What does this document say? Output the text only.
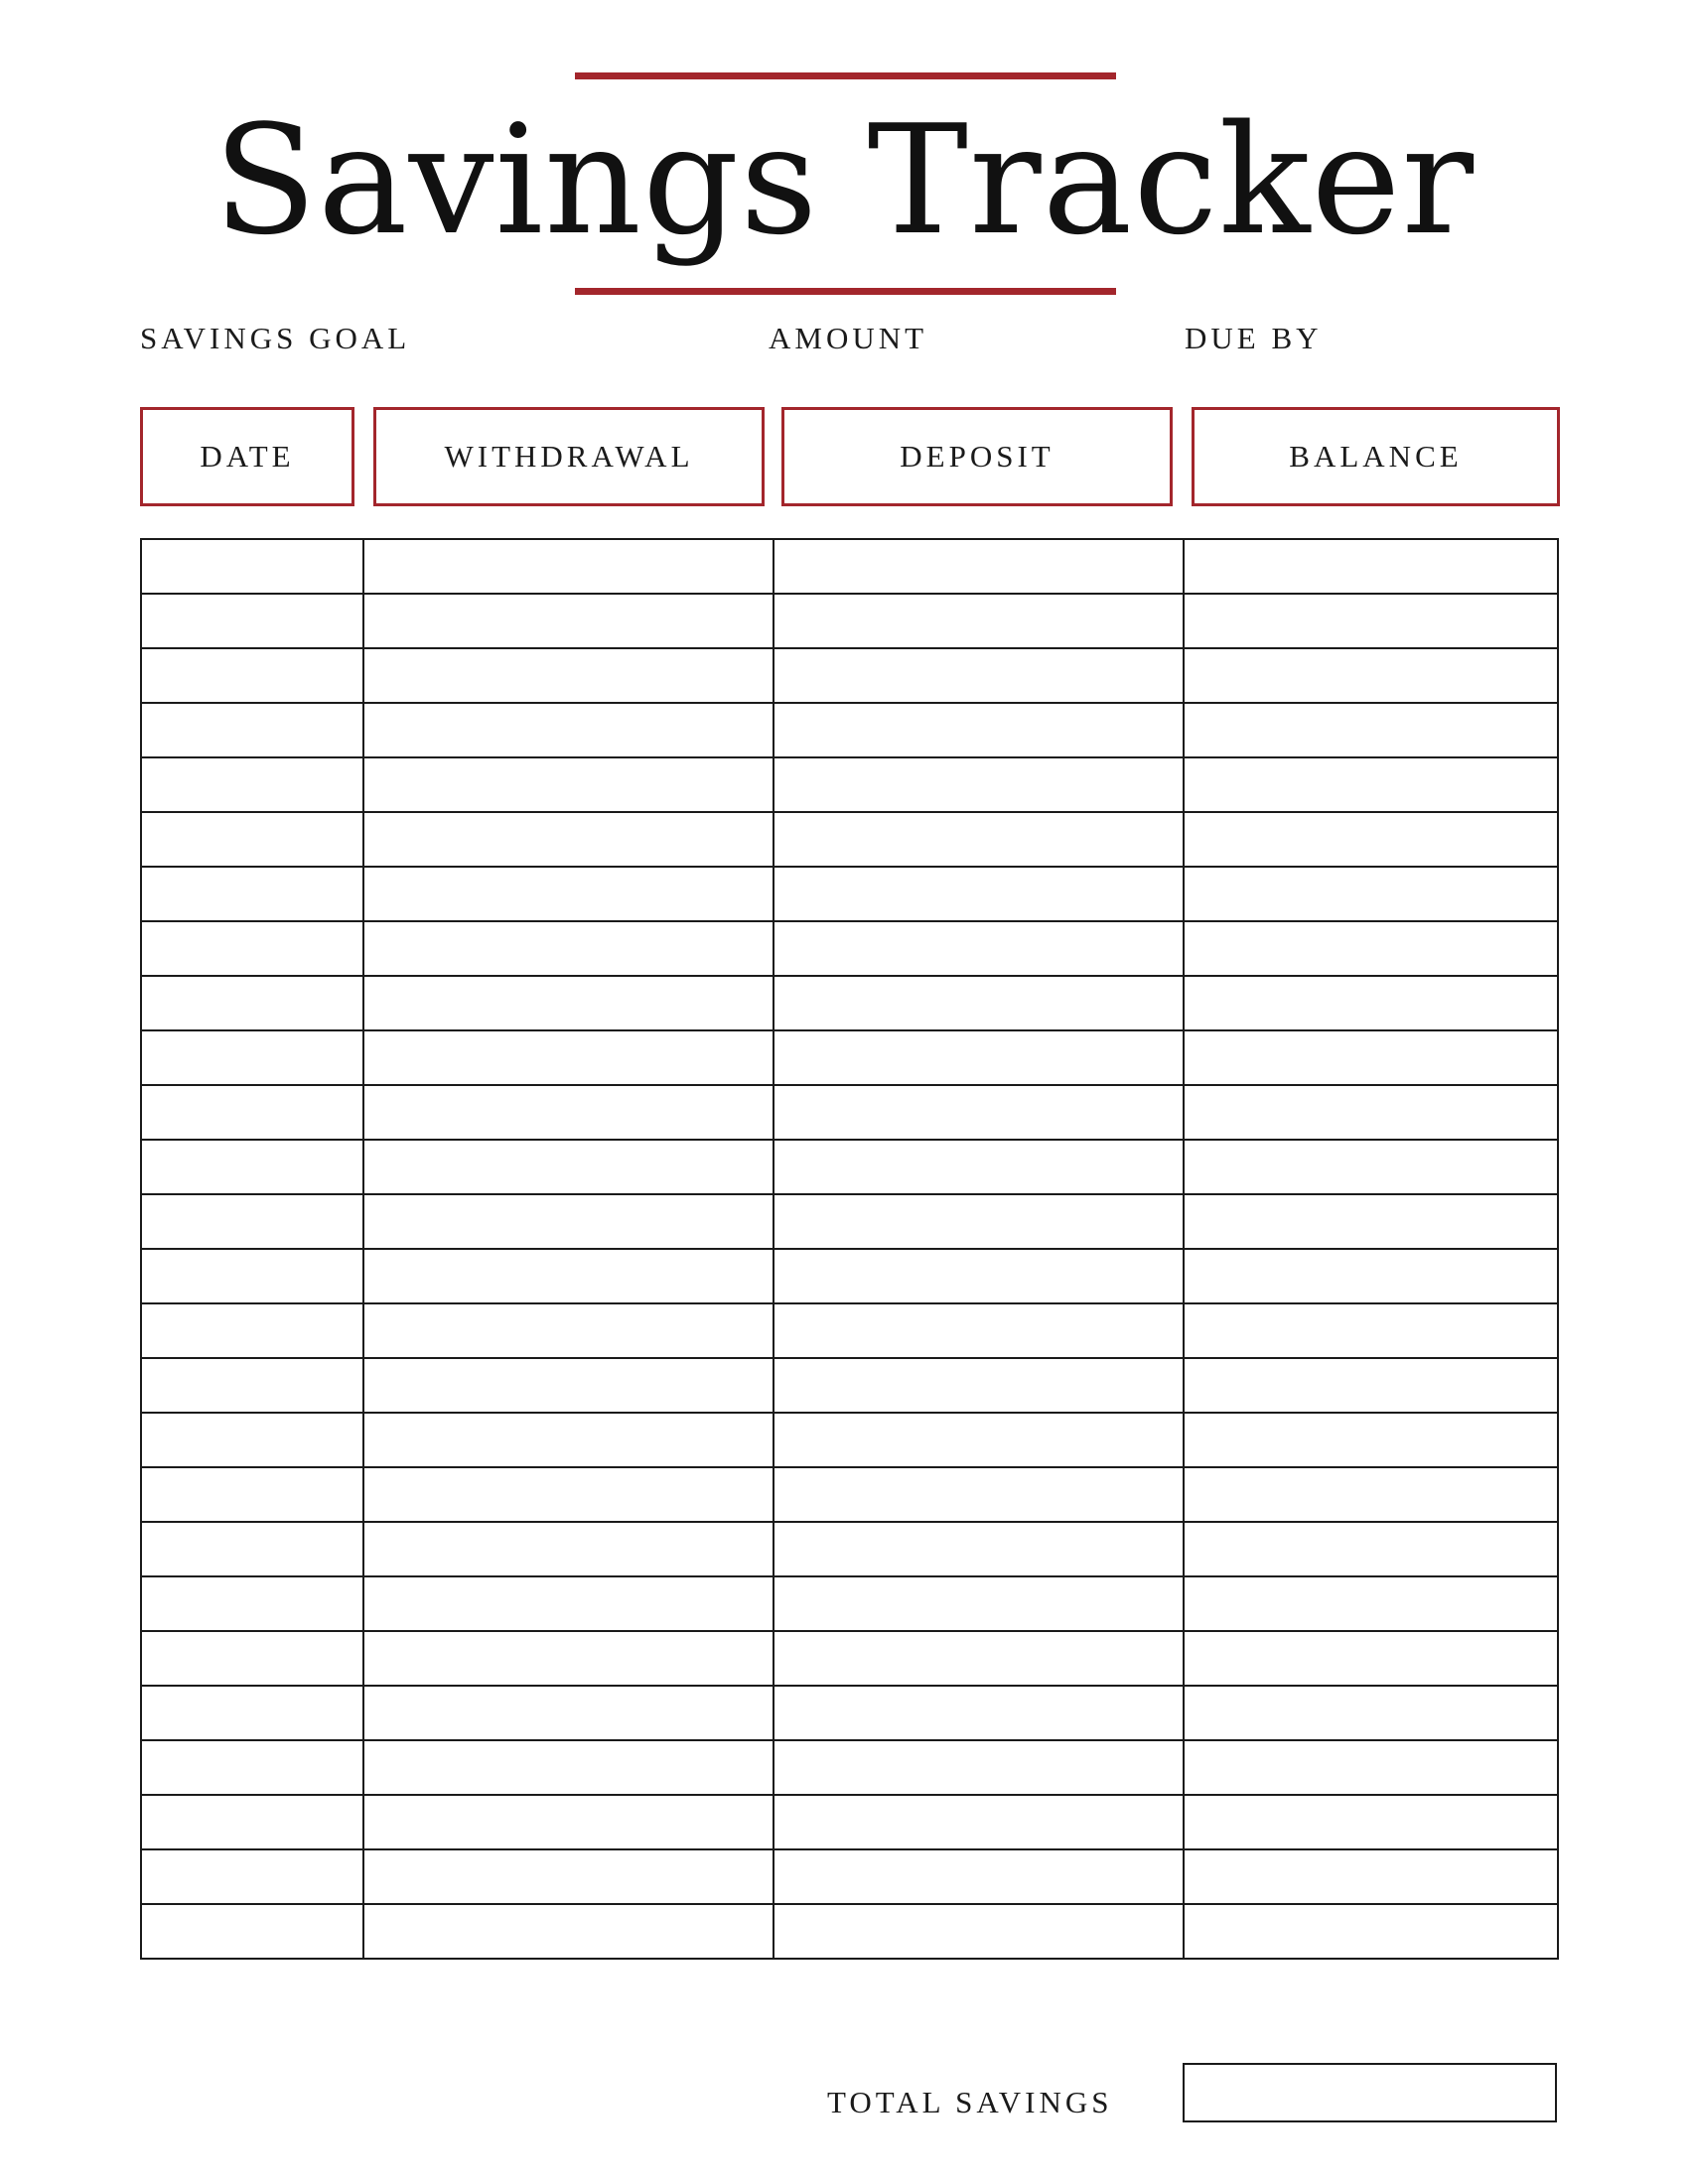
Savings Tracker
SAVINGS GOAL	AMOUNT	DUE BY
DATE	WITHDRAWAL	DEPOSIT	BALANCE

TOTAL SAVINGS
